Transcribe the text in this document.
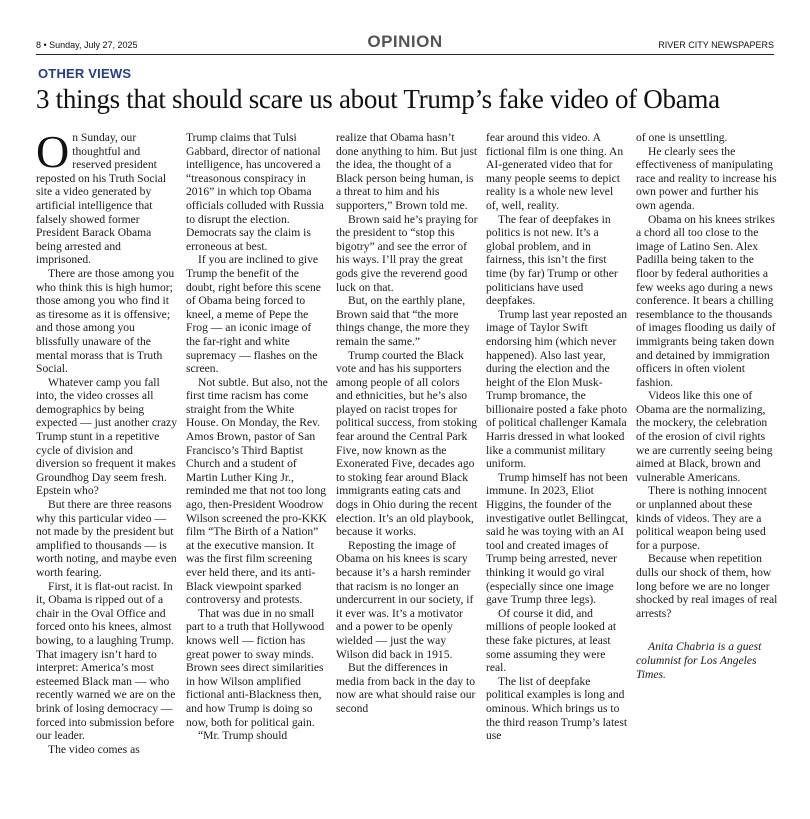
8 • Sunday, July 27, 2025	OPINION	RIVER CITY NEWSPAPERS
OTHER VIEWS
3 things that should scare us about Trump’s fake video of Obama

On Sunday, our thoughtful and reserved president reposted on his Truth Social site a video generated by artificial intelligence that falsely showed former President Barack Obama being arrested and imprisoned.

There are those among you who think this is high humor; those among you who find it as tiresome as it is offensive; and those among you blissfully unaware of the mental morass that is Truth Social.

Whatever camp you fall into, the video crosses all demographics by being expected — just another crazy Trump stunt in a repetitive cycle of division and diversion so frequent it makes Groundhog Day seem fresh. Epstein who?

But there are three reasons why this particular video — not made by the president but amplified to thousands — is worth noting, and maybe even worth fearing.

First, it is flat-out racist. In it, Obama is ripped out of a chair in the Oval Office and forced onto his knees, almost bowing, to a laughing Trump. That imagery isn’t hard to interpret: America’s most esteemed Black man — who recently warned we are on the brink of losing democracy — forced into submission before our leader.

The video comes as

Trump claims that Tulsi Gabbard, director of national intelligence, has uncovered a “treasonous conspiracy in 2016” in which top Obama officials colluded with Russia to disrupt the election. Democrats say the claim is erroneous at best.

If you are inclined to give Trump the benefit of the doubt, right before this scene of Obama being forced to kneel, a meme of Pepe the Frog — an iconic image of the far-right and white supremacy — flashes on the screen.

Not subtle. But also, not the first time racism has come straight from the White House. On Monday, the Rev. Amos Brown, pastor of San Francisco’s Third Baptist Church and a student of Martin Luther King Jr., reminded me that not too long ago, then-President Woodrow Wilson screened the pro-KKK film “The Birth of a Nation” at the executive mansion. It was the first film screening ever held there, and its anti-Black viewpoint sparked controversy and protests.

That was due in no small part to a truth that Hollywood knows well — fiction has great power to sway minds. Brown sees direct similarities in how Wilson amplified fictional anti-Blackness then, and how Trump is doing so now, both for political gain.

“Mr. Trump should

realize that Obama hasn’t done anything to him. But just the idea, the thought of a Black person being human, is a threat to him and his supporters,” Brown told me.

Brown said he’s praying for the president to “stop this bigotry” and see the error of his ways. I’ll pray the great gods give the reverend good luck on that.

But, on the earthly plane, Brown said that “the more things change, the more they remain the same.”

Trump courted the Black vote and has his supporters among people of all colors and ethnicities, but he’s also played on racist tropes for political success, from stoking fear around the Central Park Five, now known as the Exonerated Five, decades ago to stoking fear around Black immigrants eating cats and dogs in Ohio during the recent election. It’s an old playbook, because it works.

Reposting the image of Obama on his knees is scary because it’s a harsh reminder that racism is no longer an undercurrent in our society, if it ever was. It’s a motivator and a power to be openly wielded — just the way Wilson did back in 1915.

But the differences in media from back in the day to now are what should raise our second

fear around this video. A fictional film is one thing. An AI-generated video that for many people seems to depict reality is a whole new level of, well, reality.

The fear of deepfakes in politics is not new. It’s a global problem, and in fairness, this isn’t the first time (by far) Trump or other politicians have used deepfakes.

Trump last year reposted an image of Taylor Swift endorsing him (which never happened). Also last year, during the election and the height of the Elon Musk-Trump bromance, the billionaire posted a fake photo of political challenger Kamala Harris dressed in what looked like a communist military uniform.

Trump himself has not been immune. In 2023, Eliot Higgins, the founder of the investigative outlet Bellingcat, said he was toying with an AI tool and created images of Trump being arrested, never thinking it would go viral (especially since one image gave Trump three legs).

Of course it did, and millions of people looked at these fake pictures, at least some assuming they were real.

The list of deepfake political examples is long and ominous. Which brings us to the third reason Trump’s latest use

of one is unsettling.

He clearly sees the effectiveness of manipulating race and reality to increase his own power and further his own agenda.

Obama on his knees strikes a chord all too close to the image of Latino Sen. Alex Padilla being taken to the floor by federal authorities a few weeks ago during a news conference. It bears a chilling resemblance to the thousands of images flooding us daily of immigrants being taken down and detained by immigration officers in often violent fashion.

Videos like this one of Obama are the normalizing, the mockery, the celebration of the erosion of civil rights we are currently seeing being aimed at Black, brown and vulnerable Americans.

There is nothing innocent or unplanned about these kinds of videos. They are a political weapon being used for a purpose.

Because when repetition dulls our shock of them, how long before we are no longer shocked by real images of real arrests?

Anita Chabria is a guest columnist for Los Angeles Times.
